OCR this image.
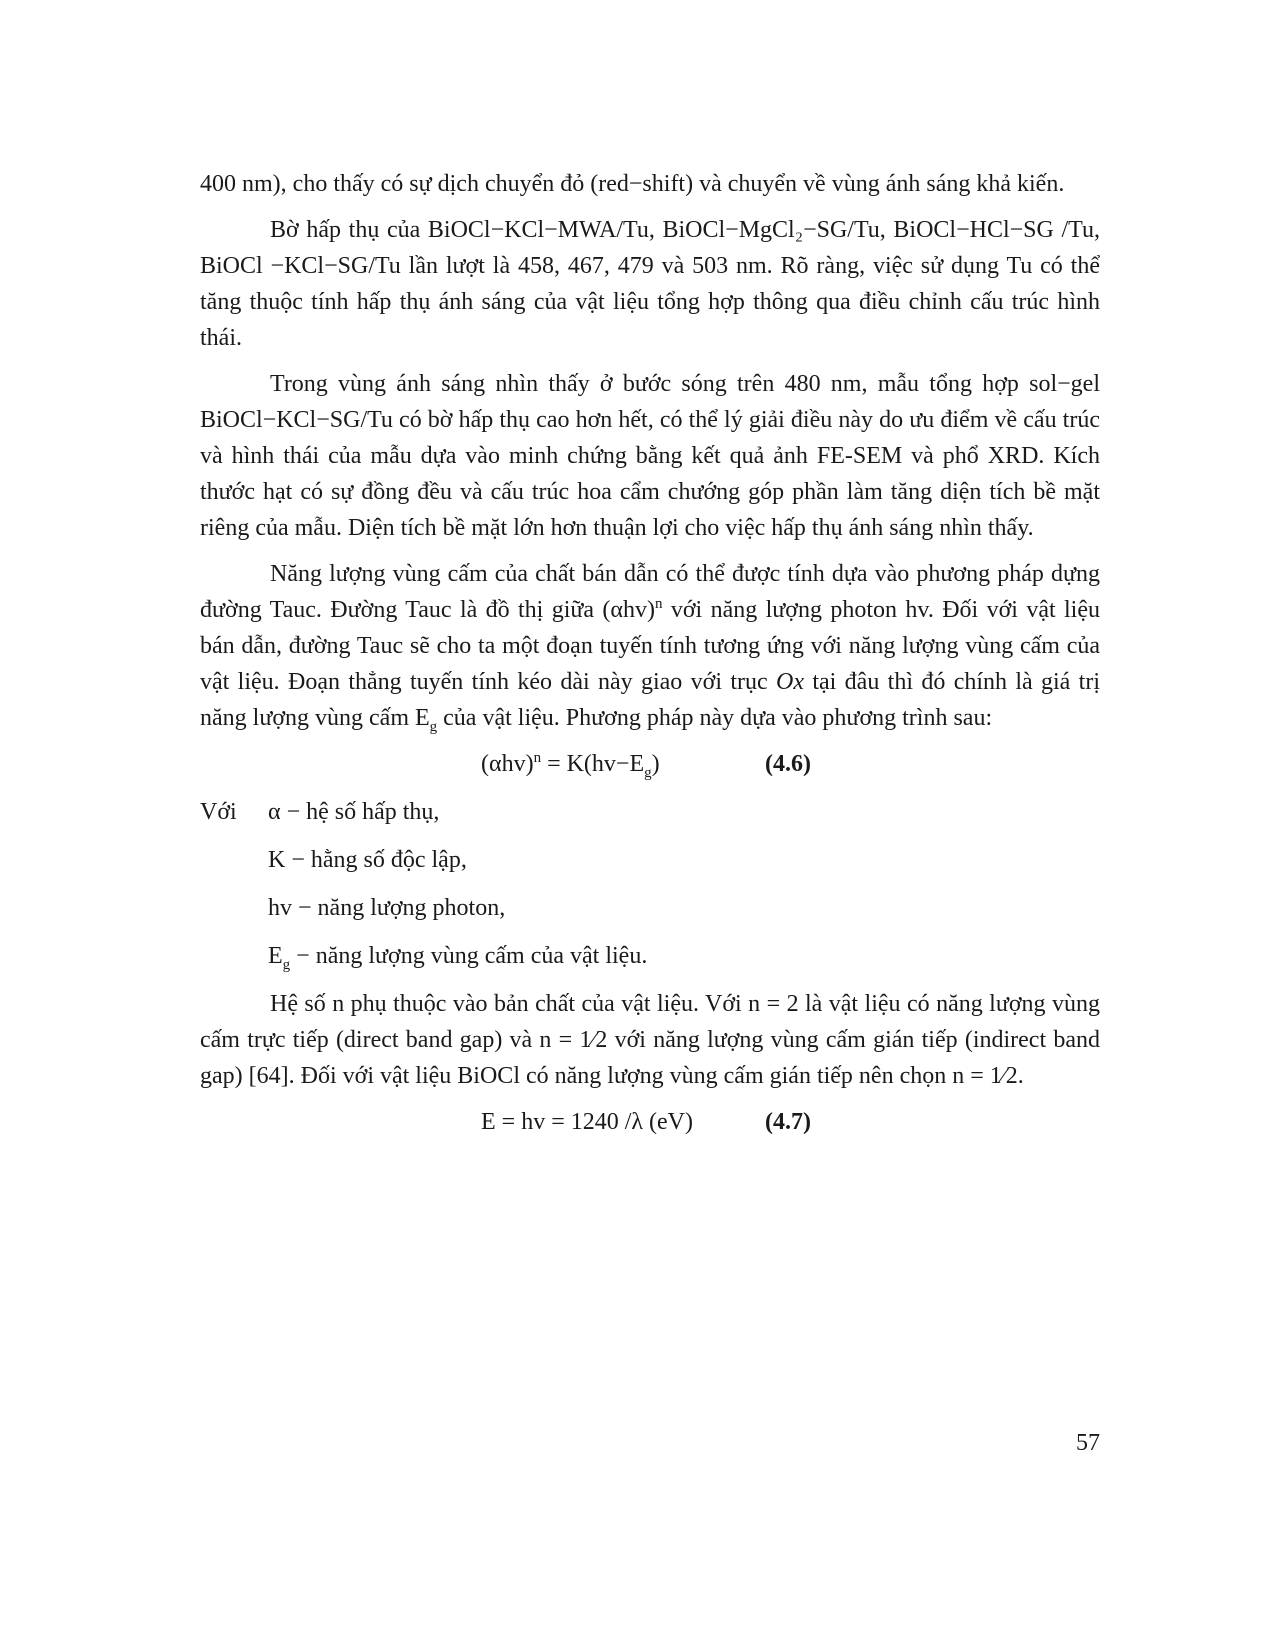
400 nm), cho thấy có sự dịch chuyển đỏ (red−shift) và chuyển về vùng ánh sáng khả kiến.

Bờ hấp thụ của BiOCl−KCl−MWA/Tu, BiOCl−MgCl₂−SG/Tu, BiOCl−HCl−SG /Tu, BiOCl −KCl−SG/Tu lần lượt là 458, 467, 479 và 503 nm. Rõ ràng, việc sử dụng Tu có thể tăng thuộc tính hấp thụ ánh sáng của vật liệu tổng hợp thông qua điều chỉnh cấu trúc hình thái.

Trong vùng ánh sáng nhìn thấy ở bước sóng trên 480 nm, mẫu tổng hợp sol−gel BiOCl−KCl−SG/Tu có bờ hấp thụ cao hơn hết, có thể lý giải điều này do ưu điểm về cấu trúc và hình thái của mẫu dựa vào minh chứng bằng kết quả ảnh FE-SEM và phổ XRD. Kích thước hạt có sự đồng đều và cấu trúc hoa cẩm chướng góp phần làm tăng diện tích bề mặt riêng của mẫu. Diện tích bề mặt lớn hơn thuận lợi cho việc hấp thụ ánh sáng nhìn thấy.

Năng lượng vùng cấm của chất bán dẫn có thể được tính dựa vào phương pháp dựng đường Tauc. Đường Tauc là đồ thị giữa $(\alpha hv)^n$ với năng lượng photon hv. Đối với vật liệu bán dẫn, đường Tauc sẽ cho ta một đoạn tuyến tính tương ứng với năng lượng vùng cấm của vật liệu. Đoạn thẳng tuyến tính kéo dài này giao với trục Ox tại đâu thì đó chính là giá trị năng lượng vùng cấm $E_g$ của vật liệu. Phương pháp này dựa vào phương trình sau:

$(\alpha hv)^n = K(hv-E_g)$	(4.6)
Với α − hệ số hấp thụ,
K − hằng số độc lập,
hv − năng lượng photon,
$E_g$ − năng lượng vùng cấm của vật liệu.

Hệ số n phụ thuộc vào bản chất của vật liệu. Với n = 2 là vật liệu có năng lượng vùng cấm trực tiếp (direct band gap) và n = 1⁄2 với năng lượng vùng cấm gián tiếp (indirect band gap) [64]. Đối với vật liệu BiOCl có năng lượng vùng cấm gián tiếp nên chọn n = 1⁄2.

E = hv = 1240 /λ (eV)	(4.7)
57
